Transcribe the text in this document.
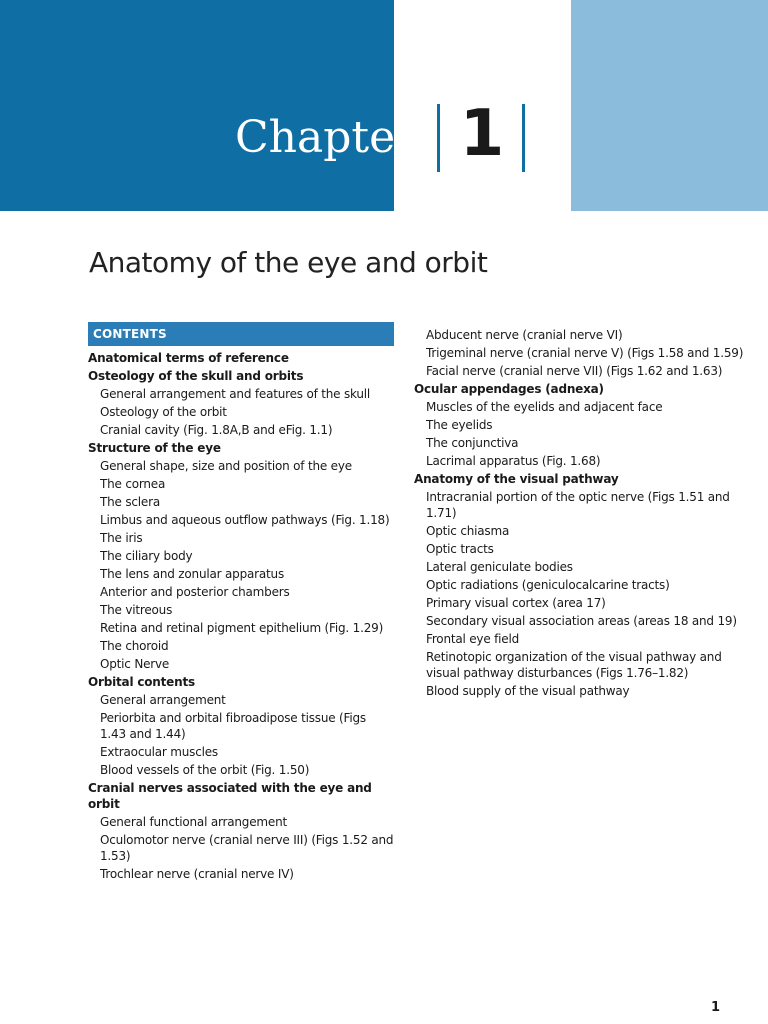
Chapter 1
Anatomy of the eye and orbit
CONTENTS
Anatomical terms of reference
Osteology of the skull and orbits
General arrangement and features of the skull
Osteology of the orbit
Cranial cavity (Fig. 1.8A,B and eFig. 1.1)
Structure of the eye
General shape, size and position of the eye
The cornea
The sclera
Limbus and aqueous outflow pathways (Fig. 1.18)
The iris
The ciliary body
The lens and zonular apparatus
Anterior and posterior chambers
The vitreous
Retina and retinal pigment epithelium (Fig. 1.29)
The choroid
Optic Nerve
Orbital contents
General arrangement
Periorbita and orbital fibroadipose tissue (Figs 1.43 and 1.44)
Extraocular muscles
Blood vessels of the orbit (Fig. 1.50)
Cranial nerves associated with the eye and orbit
General functional arrangement
Oculomotor nerve (cranial nerve III) (Figs 1.52 and 1.53)
Trochlear nerve (cranial nerve IV)
Abducent nerve (cranial nerve VI)
Trigeminal nerve (cranial nerve V) (Figs 1.58 and 1.59)
Facial nerve (cranial nerve VII) (Figs 1.62 and 1.63)
Ocular appendages (adnexa)
Muscles of the eyelids and adjacent face
The eyelids
The conjunctiva
Lacrimal apparatus (Fig. 1.68)
Anatomy of the visual pathway
Intracranial portion of the optic nerve (Figs 1.51 and 1.71)
Optic chiasma
Optic tracts
Lateral geniculate bodies
Optic radiations (geniculocalcarine tracts)
Primary visual cortex (area 17)
Secondary visual association areas (areas 18 and 19)
Frontal eye field
Retinotopic organization of the visual pathway and visual pathway disturbances (Figs 1.76–1.82)
Blood supply of the visual pathway
1
